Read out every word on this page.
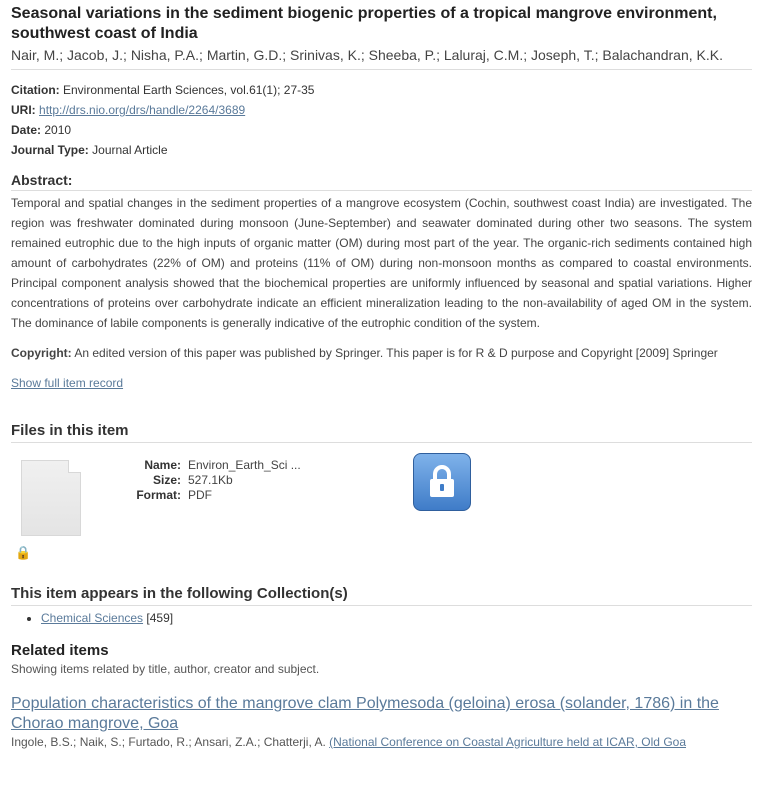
Seasonal variations in the sediment biogenic properties of a tropical mangrove environment, southwest coast of India
Nair, M.; Jacob, J.; Nisha, P.A.; Martin, G.D.; Srinivas, K.; Sheeba, P.; Laluraj, C.M.; Joseph, T.; Balachandran, K.K.
Citation: Environmental Earth Sciences, vol.61(1); 27-35
URI: http://drs.nio.org/drs/handle/2264/3689
Date: 2010
Journal Type: Journal Article
Abstract:
Temporal and spatial changes in the sediment properties of a mangrove ecosystem (Cochin, southwest coast India) are investigated. The region was freshwater dominated during monsoon (June-September) and seawater dominated during other two seasons. The system remained eutrophic due to the high inputs of organic matter (OM) during most part of the year. The organic-rich sediments contained high amount of carbohydrates (22% of OM) and proteins (11% of OM) during non-monsoon months as compared to coastal environments. Principal component analysis showed that the biochemical properties are uniformly influenced by seasonal and spatial variations. Higher concentrations of proteins over carbohydrate indicate an efficient mineralization leading to the non-availability of aged OM in the system. The dominance of labile components is generally indicative of the eutrophic condition of the system.
Copyright: An edited version of this paper was published by Springer. This paper is for R & D purpose and Copyright [2009] Springer
Show full item record
Files in this item
🔒
Name: Environ_Earth_Sci ...
Size: 527.1Kb
Format: PDF
This item appears in the following Collection(s)
• Chemical Sciences [459]
Related items
Showing items related by title, author, creator and subject.
Population characteristics of the mangrove clam Polymesoda (geloina) erosa (solander, 1786) in the Chorao mangrove, Goa
Ingole, B.S.; Naik, S.; Furtado, R.; Ansari, Z.A.; Chatterji, A. (National Conference on Coastal Agriculture held at ICAR, Old Goa
